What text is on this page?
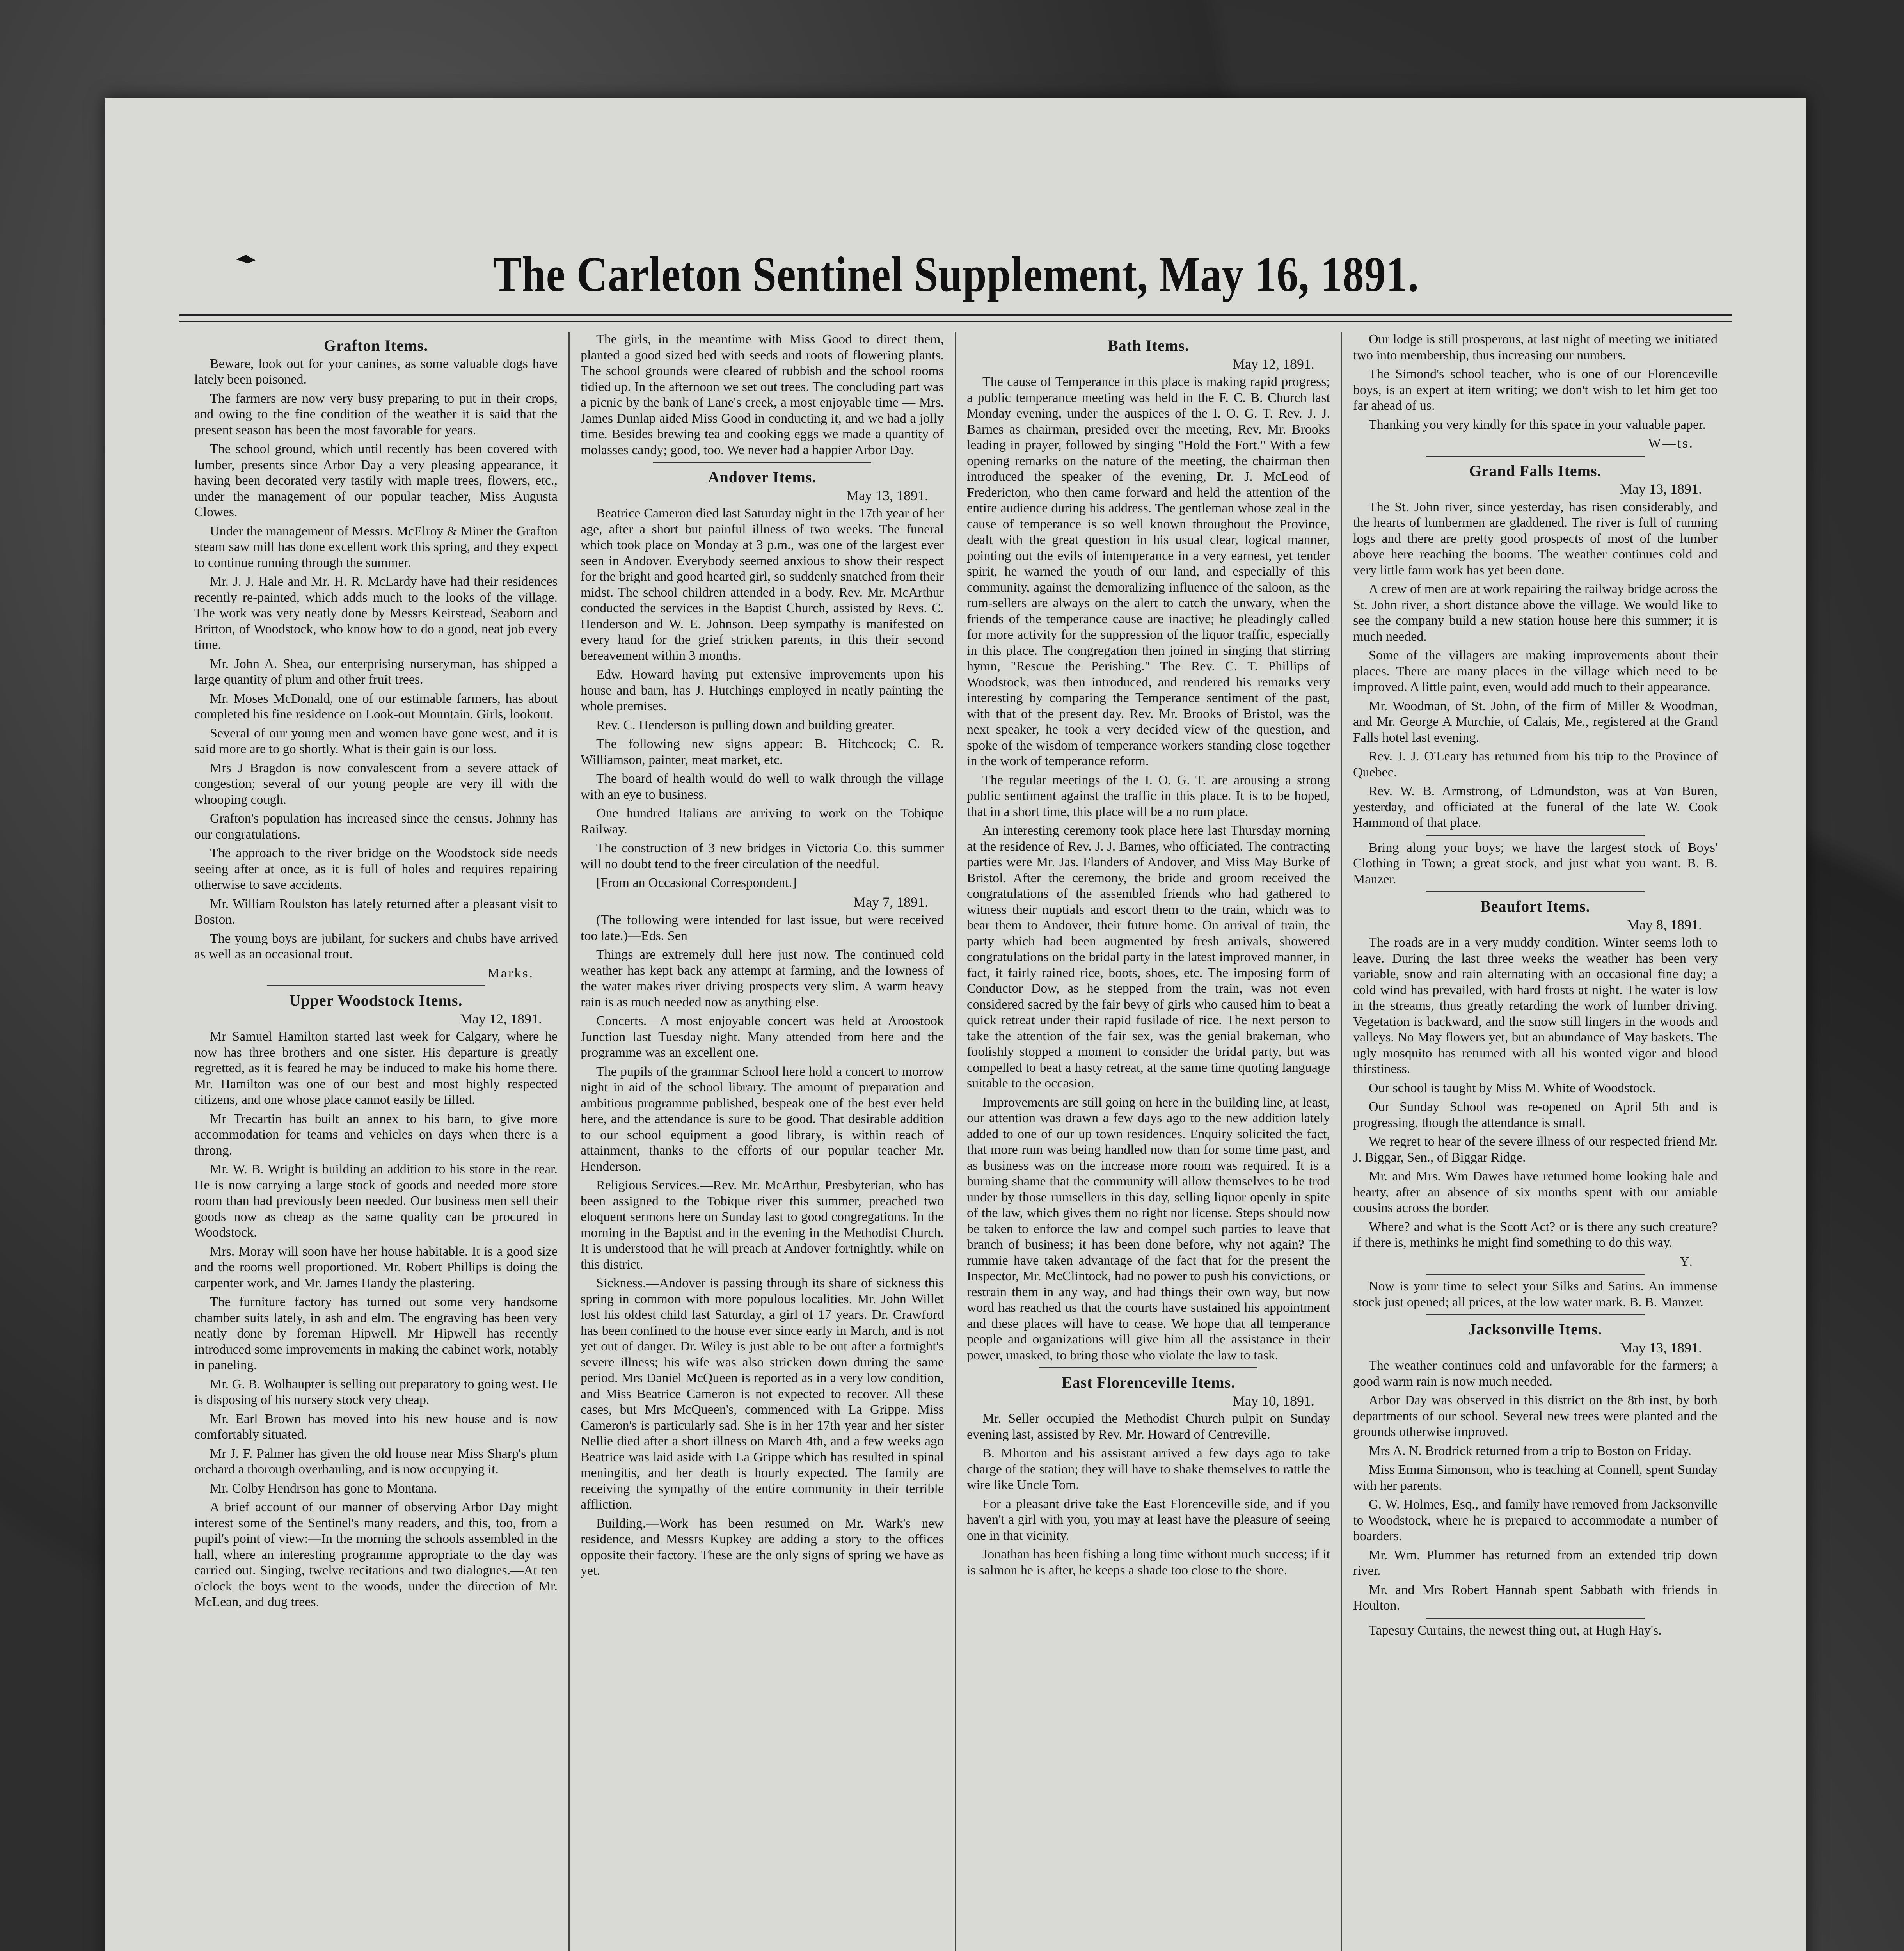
The Carleton Sentinel Supplement, May 16, 1891.
Grafton Items.

Beware, look out for your canines, as some valuable dogs have lately been poisoned.

The farmers are now very busy preparing to put in their crops, and owing to the fine condition of the weather it is said that the present season has been the most favorable for years.

The school ground, which until recently has been covered with lumber, presents since Arbor Day a very pleasing appearance, it having been decorated very tastily with maple trees, flowers, etc., under the management of our popular teacher, Miss Augusta Clowes.

Under the management of Messrs. McElroy & Miner the Grafton steam saw mill has done excellent work this spring, and they expect to continue running through the summer.

Mr. J. J. Hale and Mr. H. R. McLardy have had their residences recently re-painted, which adds much to the looks of the village. The work was very neatly done by Messrs Keirstead, Seaborn and Britton, of Woodstock, who know how to do a good, neat job every time.

Mr. John A. Shea, our enterprising nurseryman, has shipped a large quantity of plum and other fruit trees.

Mr. Moses McDonald, one of our estimable farmers, has about completed his fine residence on Look-out Mountain. Girls, lookout.

Several of our young men and women have gone west, and it is said more are to go shortly. What is their gain is our loss.

Mrs J Bragdon is now convalescent from a severe attack of congestion; several of our young people are very ill with the whooping cough.

Grafton's population has increased since the census. Johnny has our congratulations.

The approach to the river bridge on the Woodstock side needs seeing after at once, as it is full of holes and requires repairing otherwise to save accidents.

Mr. William Roulston has lately returned after a pleasant visit to Boston.

The young boys are jubilant, for suckers and chubs have arrived as well as an occasional trout.

Marks.
Upper Woodstock Items.
May 12, 1891.

Mr Samuel Hamilton started last week for Calgary, where he now has three brothers and one sister. His departure is greatly regretted, as it is feared he may be induced to make his home there. Mr. Hamilton was one of our best and most highly respected citizens, and one whose place cannot easily be filled.

Mr Trecartin has built an annex to his barn, to give more accommodation for teams and vehicles on days when there is a throng.

Mr. W. B. Wright is building an addition to his store in the rear. He is now carrying a large stock of goods and needed more store room than had previously been needed. Our business men sell their goods now as cheap as the same quality can be procured in Woodstock.

Mrs. Moray will soon have her house habitable. It is a good size and the rooms well proportioned. Mr. Robert Phillips is doing the carpenter work, and Mr. James Handy the plastering.

The furniture factory has turned out some very handsome chamber suits lately, in ash and elm. The engraving has been very neatly done by foreman Hipwell. Mr Hipwell has recently introduced some improvements in making the cabinet work, notably in paneling.

Mr. G. B. Wolhaupter is selling out preparatory to going west. He is disposing of his nursery stock very cheap.

Mr. Earl Brown has moved into his new house and is now comfortably situated.

Mr J. F. Palmer has given the old house near Miss Sharp's plum orchard a thorough overhauling, and is now occupying it.

Mr. Colby Hendrson has gone to Montana.

A brief account of our manner of observing Arbor Day might interest some of the Sentinel's many readers, and this, too, from a pupil's point of view:—In the morning the schools assembled in the hall, where an interesting programme appropriate to the day was carried out. Singing, twelve recitations and two dialogues.—At ten o'clock the boys went to the woods, under the direction of Mr. McLean, and dug trees.

The girls, in the meantime with Miss Good to direct them, planted a good sized bed with seeds and roots of flowering plants. The school grounds were cleared of rubbish and the school rooms tidied up. In the afternoon we set out trees. The concluding part was a picnic by the bank of Lane's creek, a most enjoyable time — Mrs. James Dunlap aided Miss Good in conducting it, and we had a jolly time. Besides brewing tea and cooking eggs we made a quantity of molasses candy; good, too. We never had a happier Arbor Day.

Andover Items.
May 13, 1891.

Beatrice Cameron died last Saturday night in the 17th year of her age, after a short but painful illness of two weeks. The funeral which took place on Monday at 3 p.m., was one of the largest ever seen in Andover. Everybody seemed anxious to show their respect for the bright and good hearted girl, so suddenly snatched from their midst. The school children attended in a body. Rev. Mr. McArthur conducted the services in the Baptist Church, assisted by Revs. C. Henderson and W. E. Johnson. Deep sympathy is manifested on every hand for the grief stricken parents, in this their second bereavement within 3 months.

Edw. Howard having put extensive improvements upon his house and barn, has J. Hutchings employed in neatly painting the whole premises.

Rev. C. Henderson is pulling down and building greater.

The following new signs appear: B. Hitchcock; C. R. Williamson, painter, meat market, etc.

The board of health would do well to walk through the village with an eye to business.

One hundred Italians are arriving to work on the Tobique Railway.

The construction of 3 new bridges in Victoria Co. this summer will no doubt tend to the freer circulation of the needful.

[From an Occasional Correspondent.]

May 7, 1891.

(The following were intended for last issue, but were received too late.)—Eds. Sen

Things are extremely dull here just now. The continued cold weather has kept back any attempt at farming, and the lowness of the water makes river driving prospects very slim. A warm heavy rain is as much needed now as anything else.

Concerts.—A most enjoyable concert was held at Aroostook Junction last Tuesday night. Many attended from here and the programme was an excellent one.

The pupils of the grammar School here hold a concert to morrow night in aid of the school library. The amount of preparation and ambitious programme published, bespeak one of the best ever held here, and the attendance is sure to be good. That desirable addition to our school equipment a good library, is within reach of attainment, thanks to the efforts of our popular teacher Mr. Henderson.

Religious Services.—Rev. Mr. McArthur, Presbyterian, who has been assigned to the Tobique river this summer, preached two eloquent sermons here on Sunday last to good congregations. In the morning in the Baptist and in the evening in the Methodist Church. It is understood that he will preach at Andover fortnightly, while on this district.

Sickness.—Andover is passing through its share of sickness this spring in common with more populous localities. Mr. John Willet lost his oldest child last Saturday, a girl of 17 years. Dr. Crawford has been confined to the house ever since early in March, and is not yet out of danger. Dr. Wiley is just able to be out after a fortnight's severe illness; his wife was also stricken down during the same period. Mrs Daniel McQueen is reported as in a very low condition, and Miss Beatrice Cameron is not expected to recover. All these cases, but Mrs McQueen's, commenced with La Grippe. Miss Cameron's is particularly sad. She is in her 17th year and her sister Nellie died after a short illness on March 4th, and a few weeks ago Beatrice was laid aside with La Grippe which has resulted in spinal meningitis, and her death is hourly expected. The family are receiving the sympathy of the entire community in their terrible affliction.

Building.—Work has been resumed on Mr. Wark's new residence, and Messrs Kupkey are adding a story to the offices opposite their factory. These are the only signs of spring we have as yet.

Bath Items.
May 12, 1891.

The cause of Temperance in this place is making rapid progress; a public temperance meeting was held in the F. C. B. Church last Monday evening, under the auspices of the I. O. G. T. Rev. J. J. Barnes as chairman, presided over the meeting, Rev. Mr. Brooks leading in prayer, followed by singing "Hold the Fort." With a few opening remarks on the nature of the meeting, the chairman then introduced the speaker of the evening, Dr. J. McLeod of Fredericton, who then came forward and held the attention of the entire audience during his address. The gentleman whose zeal in the cause of temperance is so well known throughout the Province, dealt with the great question in his usual clear, logical manner, pointing out the evils of intemperance in a very earnest, yet tender spirit, he warned the youth of our land, and especially of this community, against the demoralizing influence of the saloon, as the rum-sellers are always on the alert to catch the unwary, when the friends of the temperance cause are inactive; he pleadingly called for more activity for the suppression of the liquor traffic, especially in this place. The congregation then joined in singing that stirring hymn, "Rescue the Perishing." The Rev. C. T. Phillips of Woodstock, was then introduced, and rendered his remarks very interesting by comparing the Temperance sentiment of the past, with that of the present day. Rev. Mr. Brooks of Bristol, was the next speaker, he took a very decided view of the question, and spoke of the wisdom of temperance workers standing close together in the work of temperance reform.

The regular meetings of the I. O. G. T. are arousing a strong public sentiment against the traffic in this place. It is to be hoped, that in a short time, this place will be a no rum place.

An interesting ceremony took place here last Thursday morning at the residence of Rev. J. J. Barnes, who officiated. The contracting parties were Mr. Jas. Flanders of Andover, and Miss May Burke of Bristol. After the ceremony, the bride and groom received the congratulations of the assembled friends who had gathered to witness their nuptials and escort them to the train, which was to bear them to Andover, their future home. On arrival of train, the party which had been augmented by fresh arrivals, showered congratulations on the bridal party in the latest improved manner, in fact, it fairly rained rice, boots, shoes, etc. The imposing form of Conductor Dow, as he stepped from the train, was not even considered sacred by the fair bevy of girls who caused him to beat a quick retreat under their rapid fusilade of rice. The next person to take the attention of the fair sex, was the genial brakeman, who foolishly stopped a moment to consider the bridal party, but was compelled to beat a hasty retreat, at the same time quoting language suitable to the occasion.

Improvements are still going on here in the building line, at least, our attention was drawn a few days ago to the new addition lately added to one of our up town residences. Enquiry solicited the fact, that more rum was being handled now than for some time past, and as business was on the increase more room was required. It is a burning shame that the community will allow themselves to be trod under by those rumsellers in this day, selling liquor openly in spite of the law, which gives them no right nor license. Steps should now be taken to enforce the law and compel such parties to leave that branch of business; it has been done before, why not again? The rummie have taken advantage of the fact that for the present the Inspector, Mr. McClintock, had no power to push his convictions, or restrain them in any way, and had things their own way, but now word has reached us that the courts have sustained his appointment and these places will have to cease. We hope that all temperance people and organizations will give him all the assistance in their power, unasked, to bring those who violate the law to task.

East Florenceville Items.
May 10, 1891.

Mr. Seller occupied the Methodist Church pulpit on Sunday evening last, assisted by Rev. Mr. Howard of Centreville.

B. Mhorton and his assistant arrived a few days ago to take charge of the station; they will have to shake themselves to rattle the wire like Uncle Tom.

For a pleasant drive take the East Florenceville side, and if you haven't a girl with you, you may at least have the pleasure of seeing one in that vicinity.

Jonathan has been fishing a long time without much success; if it is salmon he is after, he keeps a shade too close to the shore.

Our lodge is still prosperous, at last night of meeting we initiated two into membership, thus increasing our numbers.

The Simond's school teacher, who is one of our Florenceville boys, is an expert at item writing; we don't wish to let him get too far ahead of us.

Thanking you very kindly for this space in your valuable paper.

W—ts.
Grand Falls Items.
May 13, 1891.

The St. John river, since yesterday, has risen considerably, and the hearts of lumbermen are gladdened. The river is full of running logs and there are pretty good prospects of most of the lumber above here reaching the booms. The weather continues cold and very little farm work has yet been done.

A crew of men are at work repairing the railway bridge across the St. John river, a short distance above the village. We would like to see the company build a new station house here this summer; it is much needed.

Some of the villagers are making improvements about their places. There are many places in the village which need to be improved. A little paint, even, would add much to their appearance.

Mr. Woodman, of St. John, of the firm of Miller & Woodman, and Mr. George A Murchie, of Calais, Me., registered at the Grand Falls hotel last evening.

Rev. J. J. O'Leary has returned from his trip to the Province of Quebec.

Rev. W. B. Armstrong, of Edmundston, was at Van Buren, yesterday, and officiated at the funeral of the late W. Cook Hammond of that place.

Bring along your boys; we have the largest stock of Boys' Clothing in Town; a great stock, and just what you want. B. B. Manzer.

Beaufort Items.
May 8, 1891.

The roads are in a very muddy condition. Winter seems loth to leave. During the last three weeks the weather has been very variable, snow and rain alternating with an occasional fine day; a cold wind has prevailed, with hard frosts at night. The water is low in the streams, thus greatly retarding the work of lumber driving. Vegetation is backward, and the snow still lingers in the woods and valleys. No May flowers yet, but an abundance of May baskets. The ugly mosquito has returned with all his wonted vigor and blood thirstiness.

Our school is taught by Miss M. White of Woodstock.

Our Sunday School was re-opened on April 5th and is progressing, though the attendance is small.

We regret to hear of the severe illness of our respected friend Mr. J. Biggar, Sen., of Biggar Ridge.

Mr. and Mrs. Wm Dawes have returned home looking hale and hearty, after an absence of six months spent with our amiable cousins across the border.

Where? and what is the Scott Act? or is there any such creature? if there is, methinks he might find something to do this way.

Y.

Now is your time to select your Silks and Satins. An immense stock just opened; all prices, at the low water mark. B. B. Manzer.

Jacksonville Items.
May 13, 1891.

The weather continues cold and unfavorable for the farmers; a good warm rain is now much needed.

Arbor Day was observed in this district on the 8th inst, by both departments of our school. Several new trees were planted and the grounds otherwise improved.

Mrs A. N. Brodrick returned from a trip to Boston on Friday.

Miss Emma Simonson, who is teaching at Connell, spent Sunday with her parents.

G. W. Holmes, Esq., and family have removed from Jacksonville to Woodstock, where he is prepared to accommodate a number of boarders.

Mr. Wm. Plummer has returned from an extended trip down river.

Mr. and Mrs Robert Hannah spent Sabbath with friends in Houlton.

Tapestry Curtains, the newest thing out, at Hugh Hay's.
